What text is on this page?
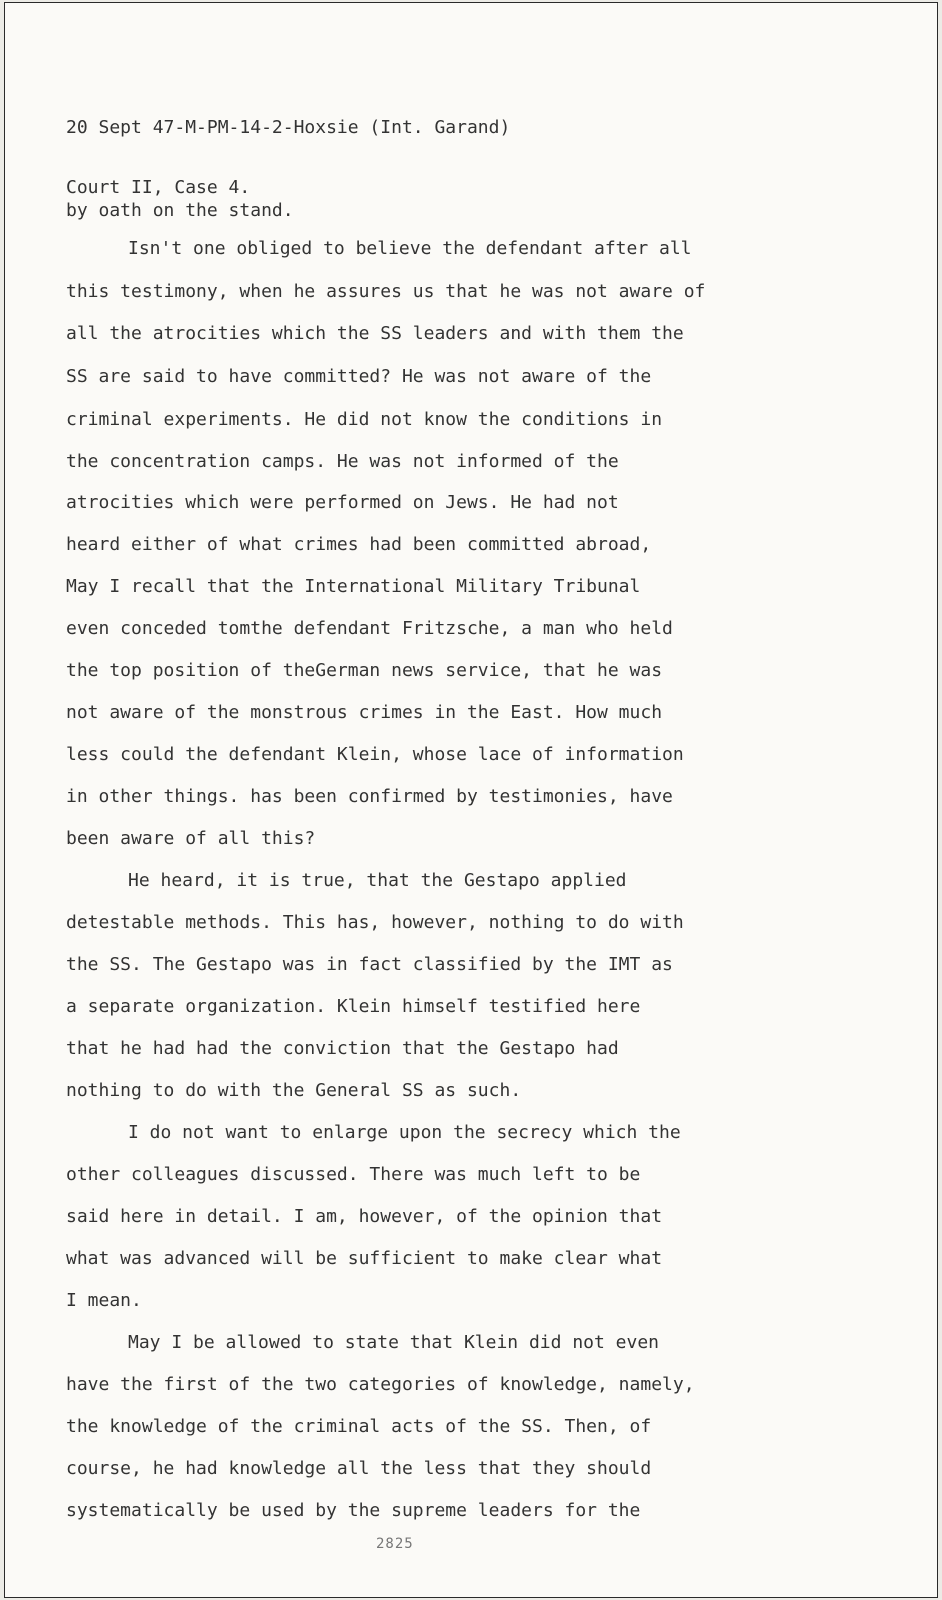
20 Sept 47-M-PM-14-2-Hoxsie (Int. Garand)

Court II, Case 4.

by oath on the stand.
Isn't one obliged to believe the defendant after all
this testimony, when he assures us that he was not aware of
all the atrocities which the SS leaders and with them the
SS are said to have committed? He was not aware of the
criminal experiments. He did not know the conditions in
the concentration camps. He was not informed of the
atrocities which were performed on Jews. He had not
heard either of what crimes had been committed abroad,
May I recall that the International Military Tribunal
even conceded tomthe defendant Fritzsche, a man who held
the top position of theGerman news service, that he was
not aware of the monstrous crimes in the East. How much
less could the defendant Klein, whose lace of information
in other things. has been confirmed by testimonies, have
been aware of all this?
He heard, it is true, that the Gestapo applied
detestable methods. This has, however, nothing to do with
the SS. The Gestapo was in fact classified by the IMT as
a separate organization. Klein himself testified here
that he had had the conviction that the Gestapo had
nothing to do with the General SS as such.
I do not want to enlarge upon the secrecy which the
other colleagues discussed. There was much left to be
said here in detail. I am, however, of the opinion that
what was advanced will be sufficient to make clear what
I mean.
May I be allowed to state that Klein did not even
have the first of the two categories of knowledge, namely,
the knowledge of the criminal acts of the SS. Then, of
course, he had knowledge all the less that they should
systematically be used by the supreme leaders for the
2825
